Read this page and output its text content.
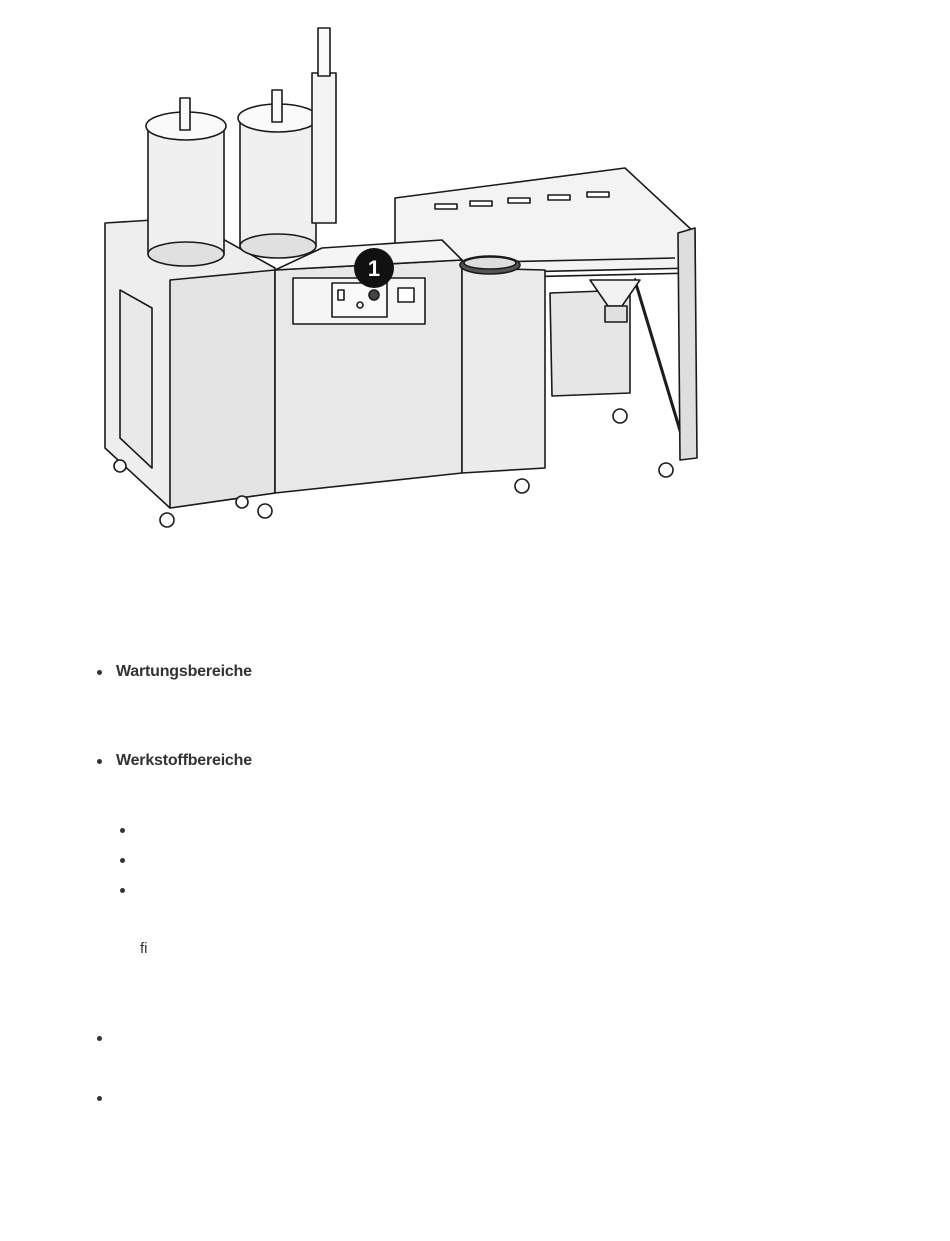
1
Wartungsbereiche
Werkstoffbereiche
fi
